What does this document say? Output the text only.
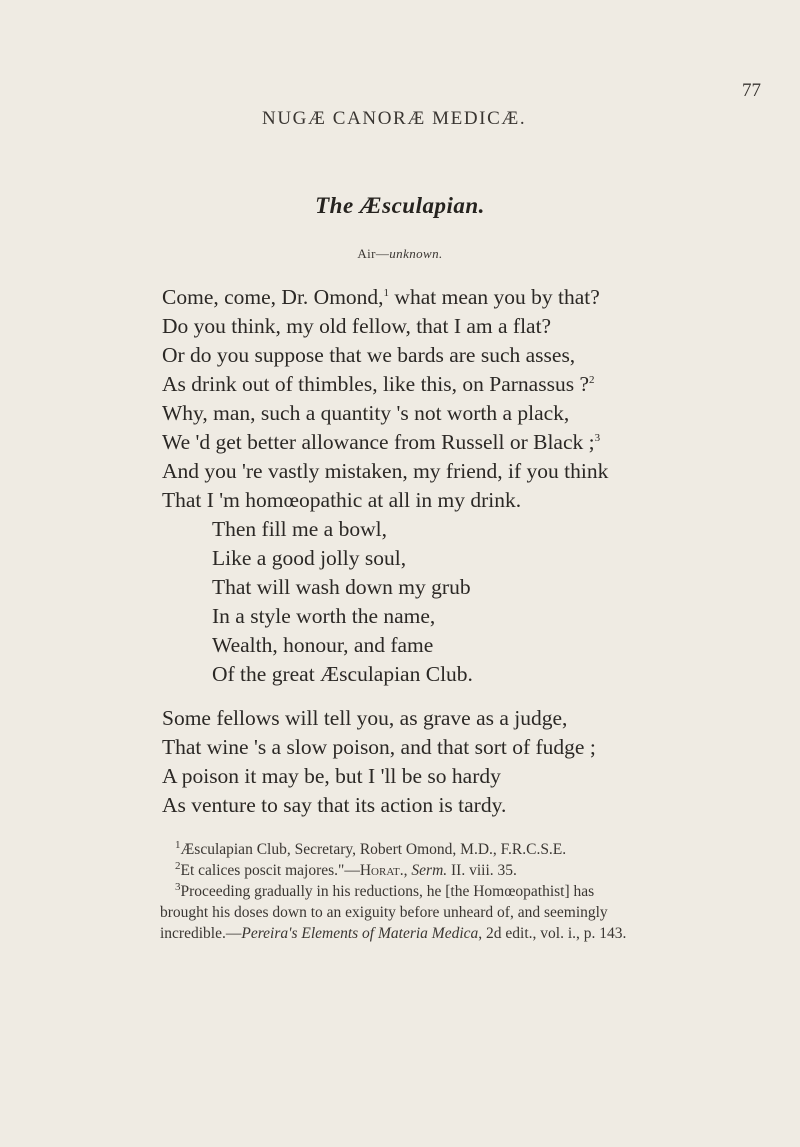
NUGÆ CANORÆ MEDICÆ.
77
The Æsculapian.
Air—unknown.
Come, come, Dr. Omond,$^1$ what mean you by that?
Do you think, my old fellow, that I am a flat?
Or do you suppose that we bards are such asses,
As drink out of thimbles, like this, on Parnassus ?$^2$
Why, man, such a quantity 's not worth a plack,
We 'd get better allowance from Russell or Black ;$^3$
And you 're vastly mistaken, my friend, if you think
That I 'm homœopathic at all in my drink.
Then fill me a bowl,
Like a good jolly soul,
That will wash down my grub
In a style worth the name,
Wealth, honour, and fame
Of the great Æsculapian Club.
Some fellows will tell you, as grave as a judge,
That wine 's a slow poison, and that sort of fudge ;
A poison it may be, but I 'll be so hardy
As venture to say that its action is tardy.
$^1$Æsculapian Club, Secretary, Robert Omond, M.D., F.R.C.S.E.
$^2$Et calices poscit majores."—Horat., Serm. II. viii. 35.
$^3$Proceeding gradually in his reductions, he [the Homœopathist] has
brought his doses down to an exiguity before unheard of, and seemingly
incredible.—Pereira's Elements of Materia Medica, 2d edit., vol. i., p. 143.
